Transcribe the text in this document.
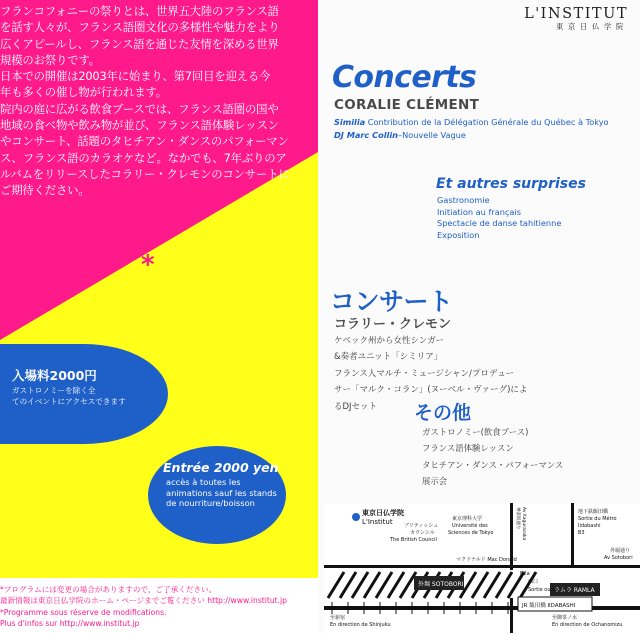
フランコフォニーの祭りとは、世界五大陸のフランス語
を話す人々が、フランス語圏文化の多様性や魅力をより
広くアピールし、フランス語を通じた友情を深める世界
規模のお祭りです。
日本での開催は2003年に始まり、第7回目を迎える今
年も多くの催し物が行われます。
院内の庭に広がる飲食ブースでは、フランス語圏の国や
地域の食べ物や飲み物が並び、フランス語体験レッスン
やコンサート、話題のタヒチアン・ダンスのパフォーマン
ス、フランス語のカラオケなど。なかでも、7年ぶりのア
ルバムをリリースしたコラリー・クレモンのコンサートに
ご期待ください。

*
入場料2000円
ガストロノミーを除く全
てのイベントにアクセスできます
Entrée 2000 yen
accès à toutes les
animations sauf les stands
de nourriture/boisson
*プログラムには変更の場合がありますので、ご了承ください。
最新情報は東京日仏学院のホーム・ページまでご覧ください http://www.institut.jp
*Programme sous réserve de modifications.
Plus d'infos sur http://www.institut.jp
L'INSTITUT
東京日仏学院
Concerts
CORALIE CLÉMENT
Similia Contribution de la Délégation Générale du Québec à Tokyo
DJ Marc Collin–Nouvelle Vague
Et autres surprises
Gastronomie
Initiation au français
Spectacle de danse tahitienne
Exposition
コンサート
コラリー・クレモン
ケベック州から女性シンガー
&奏者ユニット「シミリア」
フランス人マルチ・ミュージシャン/プロデュー
サー「マルク・コラン」(ヌーベル・ヴァーグ)によ
るDJセット	その他
ガストロノミー(飲食ブース)
フランス語体験レッスン
タヒチアン・ダンス・パフォーマンス
展示会
東京日仏学院
L'Institut ブリティッシュ
カウンシル
The British Council
東京理科大学
Université des
Sciences de Tokyo
地下鉄飯田橋
Sortie du Métro
Iidabashi
B3
神楽坂通り Av Kagurazaka
外堀通り
Av Sotobori
マクドナルド Mac Donald
B2a
外堀 SOTOBORI	西口
Sortie ouest
ラムラ RAMLA
JR 飯田橋 IIDABASHI
至新宿
En direction de Shinjuku
至御茶ノ水
En direction de Ochanomizu
